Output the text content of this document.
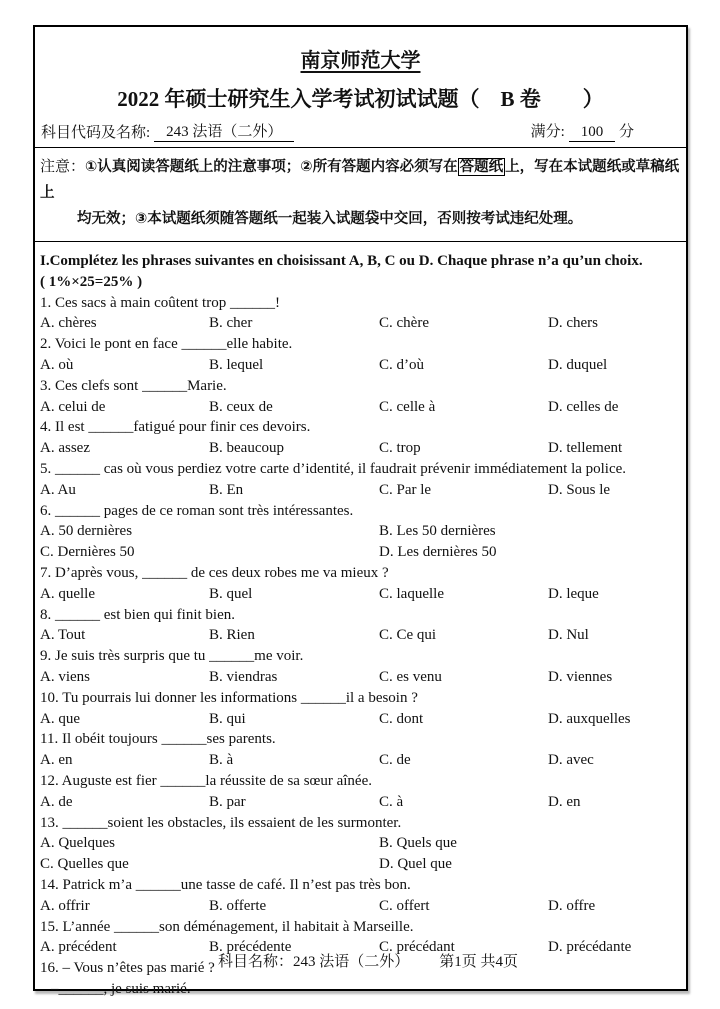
南京师范大学
2022 年硕士研究生入学考试初试试题（　B 卷　　）
科目代码及名称:	243 法语（二外）	满分: 100 分
注意：①认真阅读答题纸上的注意事项；②所有答题内容必须写在 答题纸 上，写在本试题纸或草稿纸上
均无效；③本试题纸须随答题纸一起装入试题袋中交回，否则按考试违纪处理。
I.Complétez les phrases suivantes en choisissant A, B, C ou D. Chaque phrase n’a qu’un choix.
( 1%×25=25% )
1. Ces sacs à main coûtent trop ______!
A. chères	B. cher	C. chère	D. chers
2. Voici le pont en face ______elle habite.
A. où	B. lequel	C. d’où	D. duquel
3. Ces clefs sont ______Marie.
A. celui de	B. ceux de	C. celle à	D. celles de
4. Il est ______fatigué pour finir ces devoirs.
A. assez	B. beaucoup	C. trop	D. tellement
5. ______ cas où vous perdiez votre carte d’identité, il faudrait prévenir immédiatement la police.
A. Au	B. En	C. Par le	D. Sous le
6. ______ pages de ce roman sont très intéressantes.
A. 50 dernières	B. Les 50 dernières
C. Dernières 50	D. Les dernières 50
7. D’après vous, ______ de ces deux robes me va mieux ?
A. quelle	B. quel	C. laquelle	D. leque
8. ______ est bien qui finit bien.
A. Tout	B. Rien	C. Ce qui	D. Nul
9. Je suis très surpris que tu ______me voir.
A. viens	B. viendras	C. es venu	D. viennes
10. Tu pourrais lui donner les informations ______il a besoin ?
A. que	B. qui	C. dont	D. auxquelles
11. Il obéit toujours ______ses parents.
A. en	B. à	C. de	D. avec
12. Auguste est fier ______la réussite de sa sœur aînée.
A. de	B. par	C. à	D. en
13. ______soient les obstacles, ils essaient de les surmonter.
A. Quelques	B. Quels que
C. Quelles que	D. Quel que
14. Patrick m’a ______une tasse de café. Il n’est pas très bon.
A. offrir	B. offerte	C. offert	D. offre
15. L’année ______son déménagement, il habitait à Marseille.
A. précédent	B. précédente	C. précédant	D. précédante
16. – Vous n’êtes pas marié ?
–______, je suis marié.

科目名称：243 法语（二外） 第1页 共4页
